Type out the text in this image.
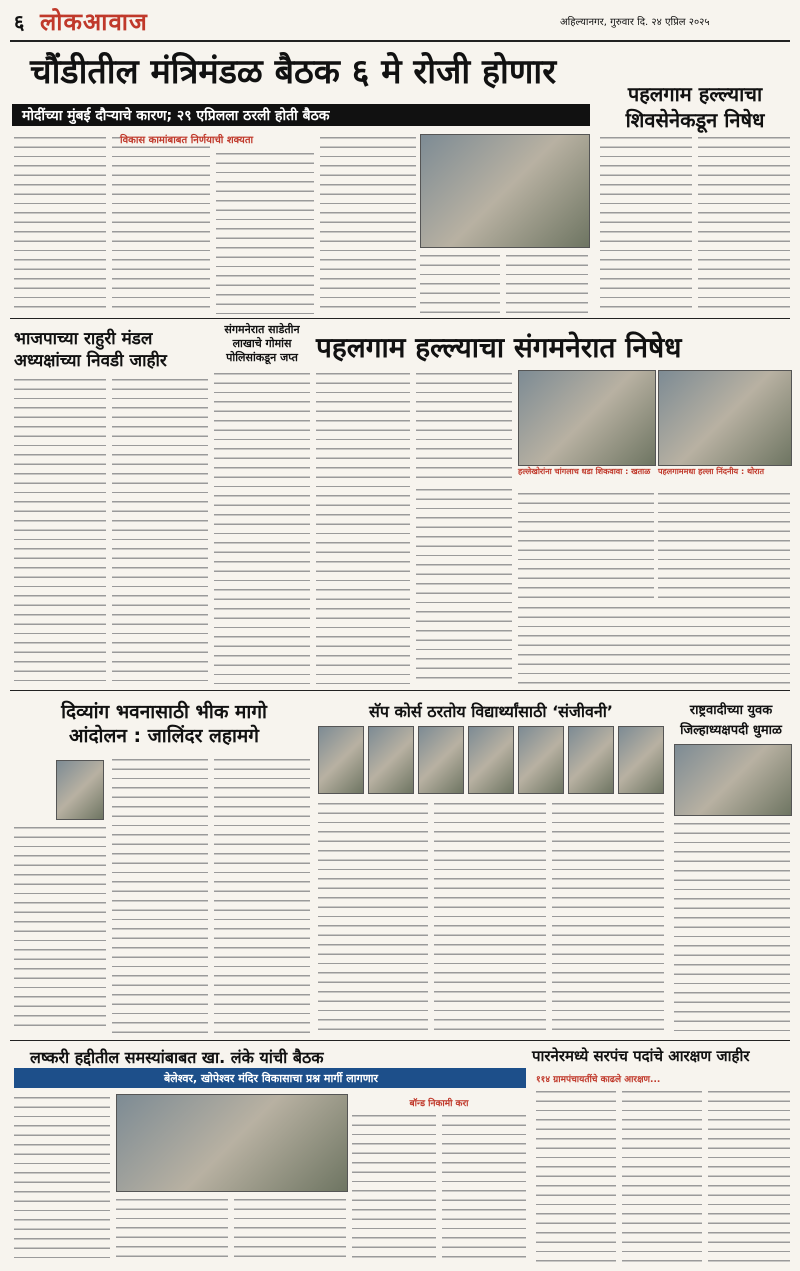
६ लोकआवाज	अहिल्यानगर, गुरुवार दि. २४ एप्रिल २०२५
चौंडीतील मंत्रिमंडळ बैठक ६ मे रोजी होणार
मोदींच्या मुंबई दौऱ्याचे कारण; २९ एप्रिलला ठरली होती बैठक
विकास कामांबाबत निर्णयाची शक्यता
पहलगाम हल्ल्याचा
शिवसेनेकडून निषेध
भाजपाच्या राहुरी मंडल
अध्यक्षांच्या निवडी जाहीर
संगमनेरात साडेतीन
लाखाचे गोमांस
पोलिसांकडून जप्त पहलगाम हल्ल्याचा संगमनेरात निषेध
हल्लेखोरांना चांगलाच धडा शिकवावा : खताळ पहलगाममधा हल्ला निंदनीय : थोरात
दिव्यांग भवनासाठी भीक मागो
आंदोलन : जालिंदर लहामगे
सॅप कोर्स ठरतोय विद्यार्थ्यांसाठी ‘संजीवनी’	राष्ट्रवादीच्या युवक
जिल्हाध्यक्षपदी धुमाळ
लष्करी हद्दीतील समस्यांबाबत खा. लंके यांची बैठक
बेलेश्वर, खोपेश्वर मंदिर विकासाचा प्रश्न मार्गी लागणार
बॉन्ड निकामी करा
पारनेरमध्ये सरपंच पदांचे आरक्षण जाहीर
११४ ग्रामपंचायतींचे काढले आरक्षण...
